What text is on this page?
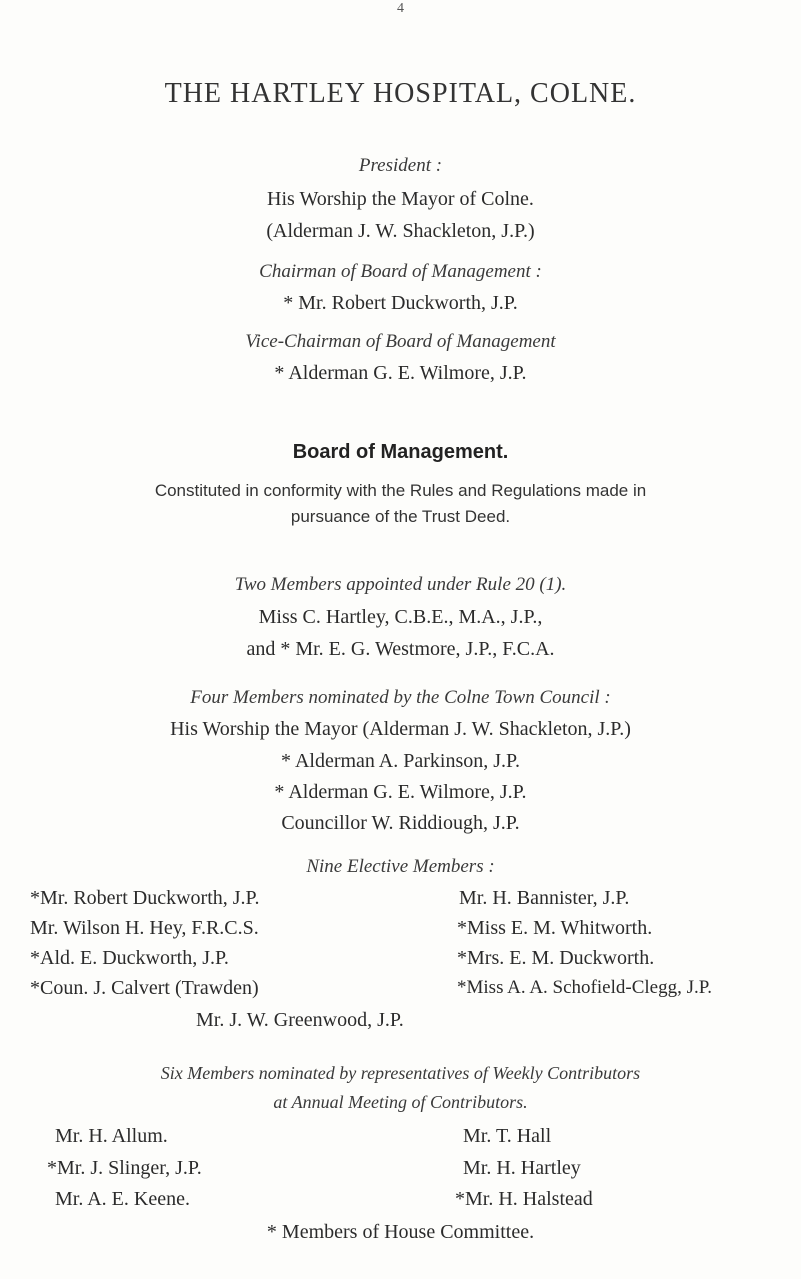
4
THE HARTLEY HOSPITAL, COLNE.
President :
His Worship the Mayor of Colne.
(Alderman J. W. Shackleton, J.P.)
Chairman of Board of Management :
* Mr. Robert Duckworth, J.P.
Vice-Chairman of Board of Management
* Alderman G. E. Wilmore, J.P.
Board of Management.
Constituted in conformity with the Rules and Regulations made in
pursuance of the Trust Deed.
Two Members appointed under Rule 20 (1).
Miss C. Hartley, C.B.E., M.A., J.P.,
and * Mr. E. G. Westmore, J.P., F.C.A.
Four Members nominated by the Colne Town Council :
His Worship the Mayor (Alderman J. W. Shackleton, J.P.)
* Alderman A. Parkinson, J.P.
* Alderman G. E. Wilmore, J.P.
Councillor W. Riddiough, J.P.
Nine Elective Members :
*Mr. Robert Duckworth, J.P.
Mr. Wilson H. Hey, F.R.C.S.
*Ald. E. Duckworth, J.P.
*Coun. J. Calvert (Trawden)
Mr. H. Bannister, J.P.
*Miss E. M. Whitworth.
*Mrs. E. M. Duckworth.
*Miss A. A. Schofield-Clegg, J.P.
Mr. J. W. Greenwood, J.P.
Six Members nominated by representatives of Weekly Contributors
at Annual Meeting of Contributors.
Mr. H. Allum.
*Mr. J. Slinger, J.P.
Mr. A. E. Keene.
Mr. T. Hall
Mr. H. Hartley
*Mr. H. Halstead
* Members of House Committee.
